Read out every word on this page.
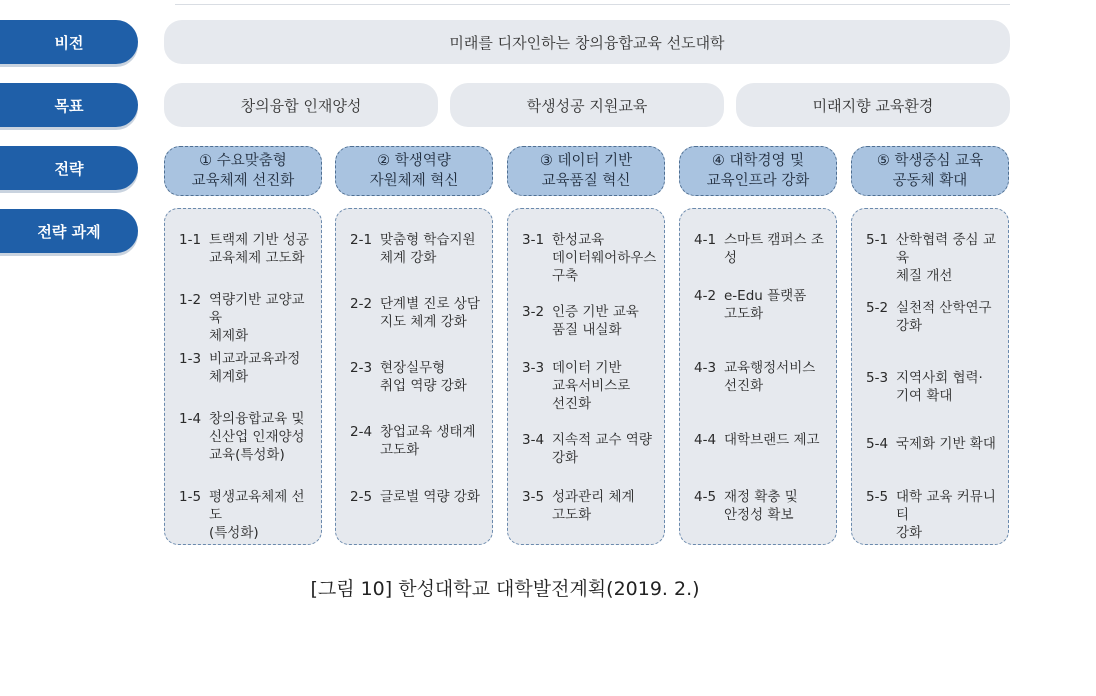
비전
목표
전략
전략 과제
미래를 디자인하는 창의융합교육 선도대학
창의융합 인재양성	학생성공 지원교육	미래지향 교육환경
① 수요맞춤형
교육체제 선진화
1-1 트랙제 기반 성공
교육체제 고도화
1-2 역량기반 교양교육
체제화
1-3 비교과교육과정
체계화
1-4 창의융합교육 및
신산업 인재양성
교육(특성화)
1-5 평생교육체제 선도
(특성화)
② 학생역량
자원체제 혁신
2-1 맞춤형 학습지원
체계 강화
2-2 단계별 진로 상담
지도 체계 강화
2-3 현장실무형
취업 역량 강화
2-4 창업교육 생태계
고도화
2-5 글로벌 역량 강화
③ 데이터 기반
교육품질 혁신
3-1 한성교육
데이터웨어하우스
구축
3-2 인증 기반 교육
품질 내실화
3-3 데이터 기반
교육서비스로
선진화
3-4 지속적 교수 역량
강화
3-5 성과관리 체계
고도화
④ 대학경영 및
교육인프라 강화
4-1 스마트 캠퍼스 조성
4-2 e-Edu 플랫폼
고도화
4-3 교육행정서비스
선진화
4-4 대학브랜드 제고
4-5 재정 확충 및
안정성 확보
⑤ 학생중심 교육
공동체 확대
5-1 산학협력 중심 교육
체질 개선
5-2 실천적 산학연구
강화
5-3 지역사회 협력·
기여 확대
5-4 국제화 기반 확대
5-5 대학 교육 커뮤니티
강화
[그림 10] 한성대학교 대학발전계획(2019. 2.)
